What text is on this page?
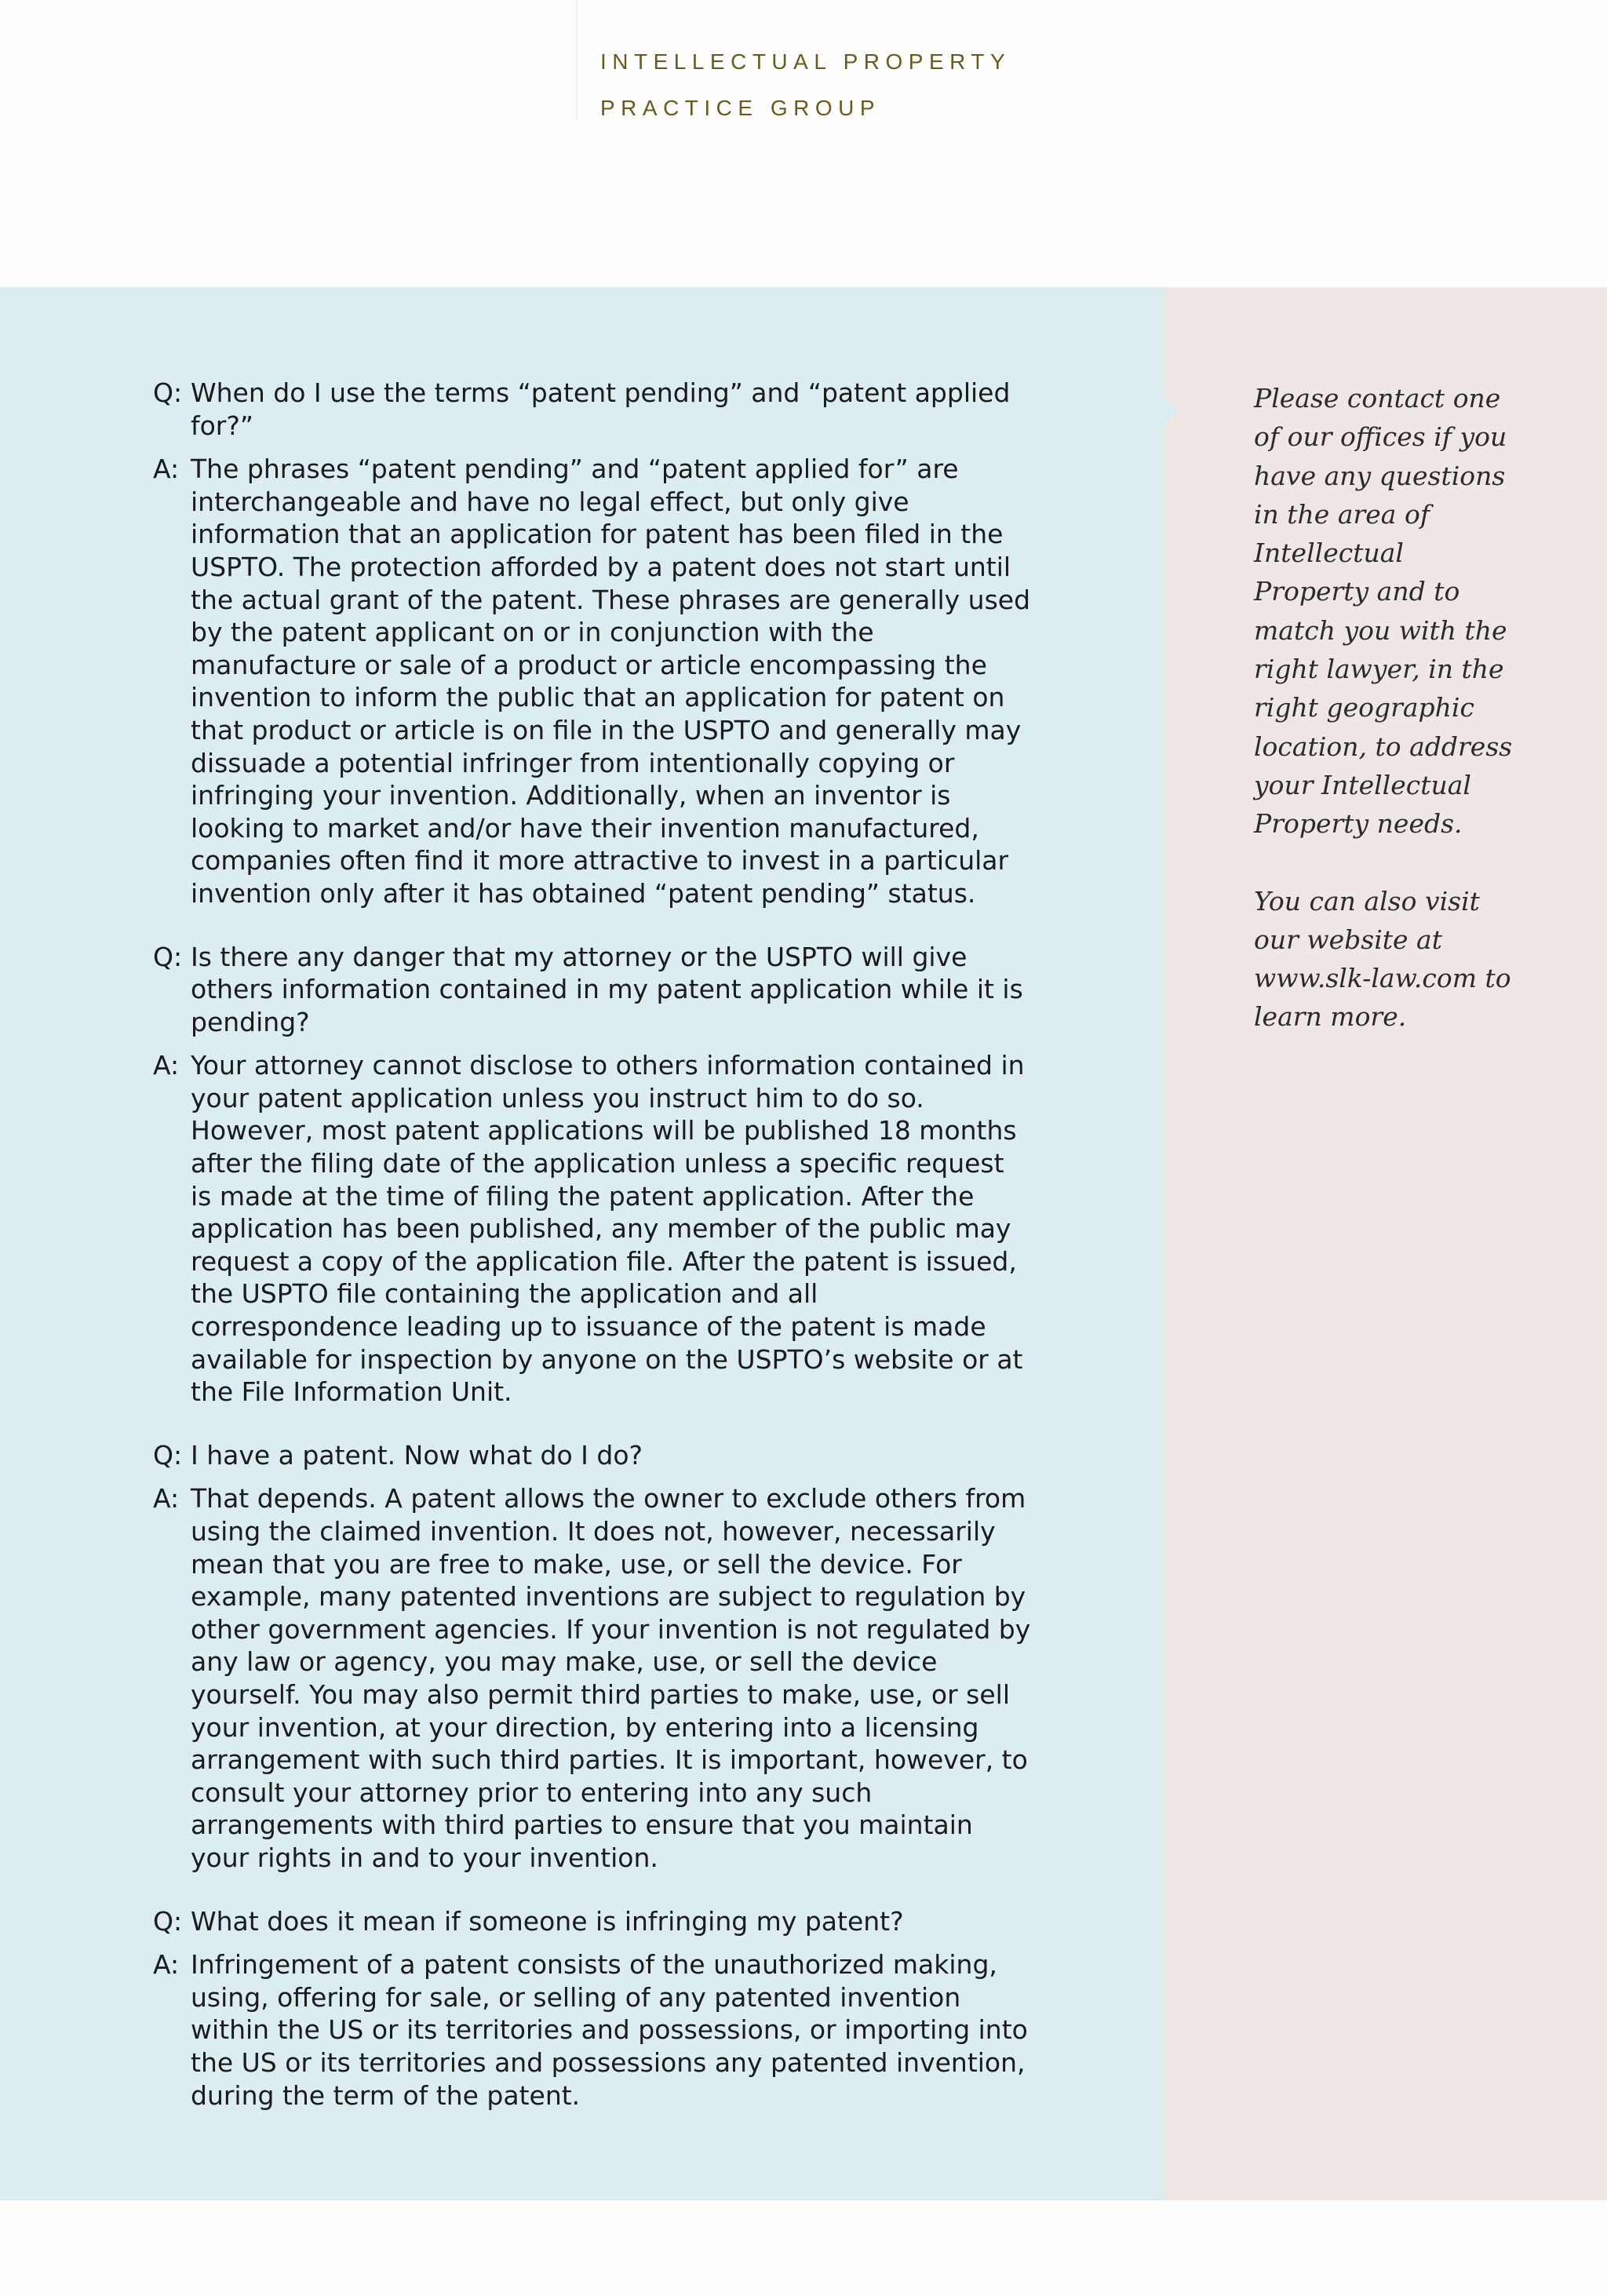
INTELLECTUAL PROPERTY
PRACTICE GROUP
Q: When do I use the terms “patent pending” and “patent applied for?”

A: The phrases “patent pending” and “patent applied for” are interchangeable and have no legal effect, but only give information that an application for patent has been filed in the USPTO. The protection afforded by a patent does not start until the actual grant of the patent. These phrases are generally used by the patent applicant on or in conjunction with the manufacture or sale of a product or article encompassing the invention to inform the public that an application for patent on that product or article is on file in the USPTO and generally may dissuade a potential infringer from intentionally copying or infringing your invention. Additionally, when an inventor is looking to market and/or have their invention manufactured, companies often find it more attractive to invest in a particular invention only after it has obtained “patent pending” status.

Q: Is there any danger that my attorney or the USPTO will give others information contained in my patent application while it is pending?

A: Your attorney cannot disclose to others information contained in your patent application unless you instruct him to do so. However, most patent applications will be published 18 months after the filing date of the application unless a specific request is made at the time of filing the patent application. After the application has been published, any member of the public may request a copy of the application file. After the patent is issued, the USPTO file containing the application and all correspondence leading up to issuance of the patent is made available for inspection by anyone on the USPTO’s website or at the File Information Unit.

Q: I have a patent. Now what do I do?

A: That depends. A patent allows the owner to exclude others from using the claimed invention. It does not, however, necessarily mean that you are free to make, use, or sell the device. For example, many patented inventions are subject to regulation by other government agencies. If your invention is not regulated by any law or agency, you may make, use, or sell the device yourself. You may also permit third parties to make, use, or sell your invention, at your direction, by entering into a licensing arrangement with such third parties. It is important, however, to consult your attorney prior to entering into any such arrangements with third parties to ensure that you maintain your rights in and to your invention.

Q: What does it mean if someone is infringing my patent?

A: Infringement of a patent consists of the unauthorized making, using, offering for sale, or selling of any patented invention within the US or its territories and possessions, or importing into the US or its territories and possessions any patented invention, during the term of the patent.

Please contact one of our offices if you have any questions in the area of Intellectual Property and to match you with the right lawyer, in the right geographic location, to address your Intellectual Property needs.

You can also visit our website at www.slk-law.com to learn more.
